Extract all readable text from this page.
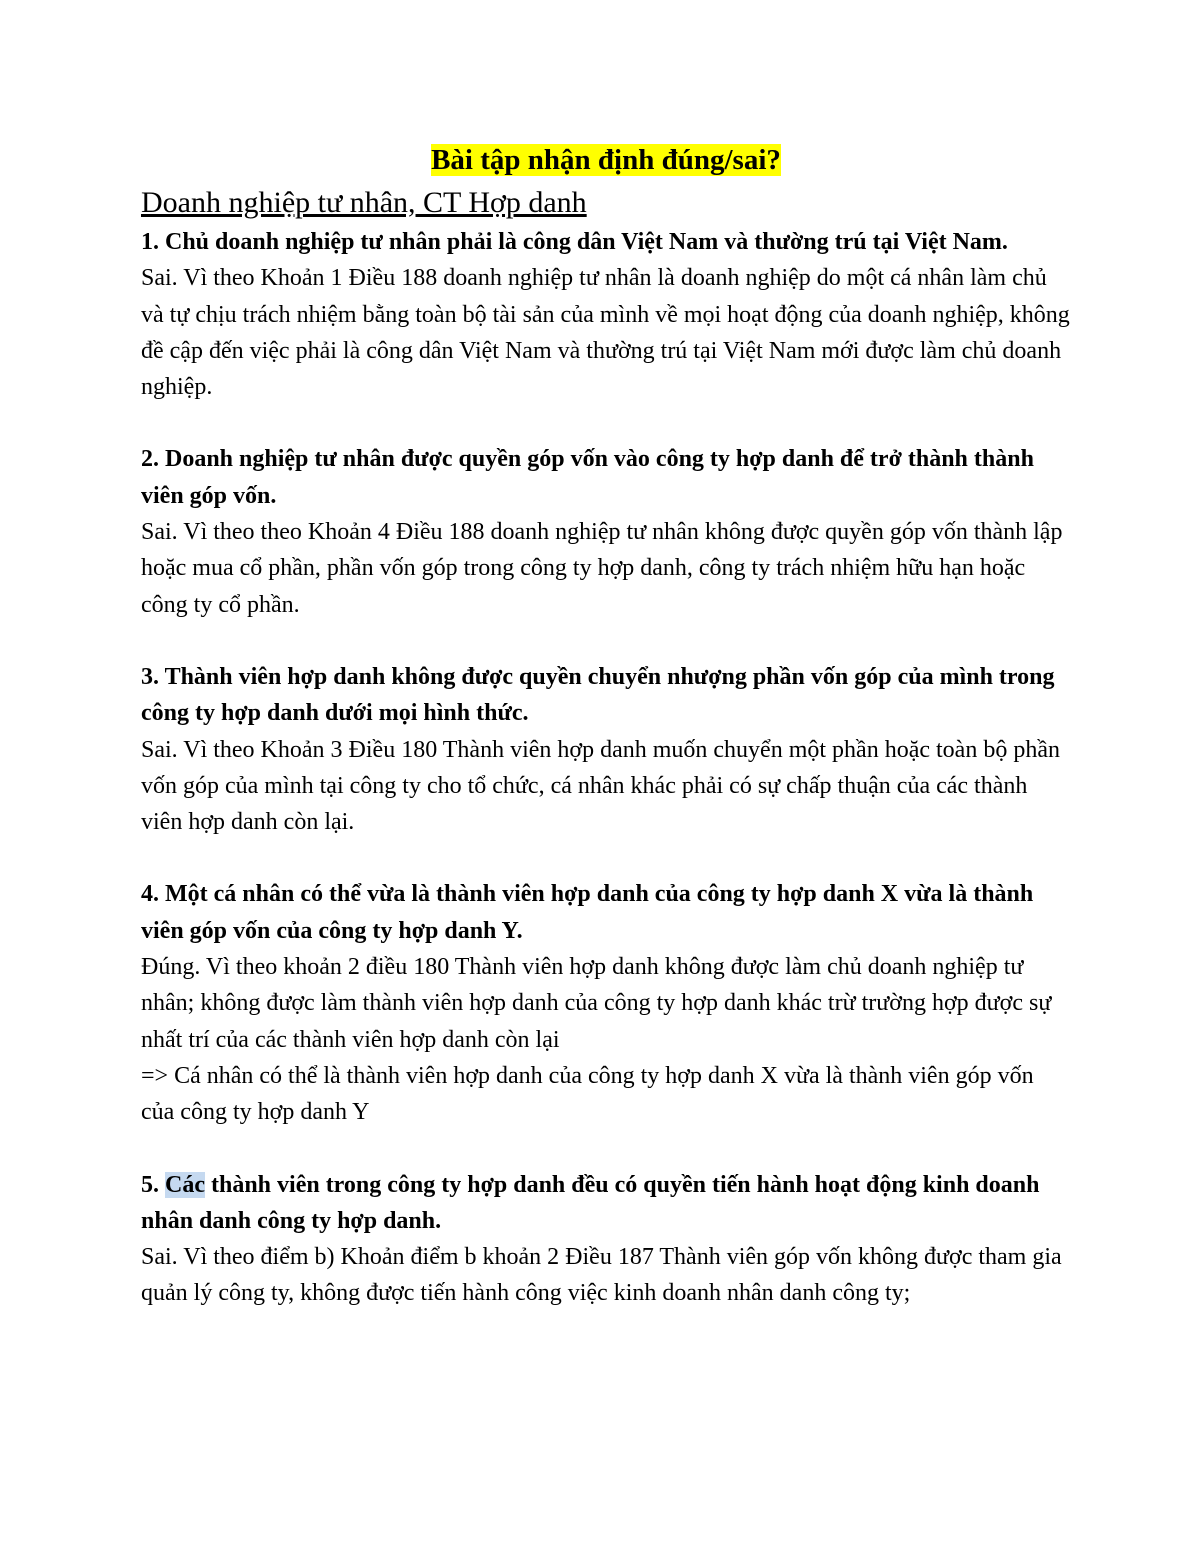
Bài tập nhận định đúng/sai?
Doanh nghiệp tư nhân, CT Hợp danh
1. Chủ doanh nghiệp tư nhân phải là công dân Việt Nam và thường trú tại Việt Nam.
Sai. Vì theo Khoản 1 Điều 188 doanh nghiệp tư nhân là doanh nghiệp do một cá nhân làm chủ và tự chịu trách nhiệm bằng toàn bộ tài sản của mình về mọi hoạt động của doanh nghiệp, không đề cập đến việc phải là công dân Việt Nam và thường trú tại Việt Nam mới được làm chủ doanh nghiệp.
2. Doanh nghiệp tư nhân được quyền góp vốn vào công ty hợp danh để trở thành thành viên góp vốn.
Sai. Vì theo theo Khoản 4 Điều 188 doanh nghiệp tư nhân không được quyền góp vốn thành lập hoặc mua cổ phần, phần vốn góp trong công ty hợp danh, công ty trách nhiệm hữu hạn hoặc công ty cổ phần.
3. Thành viên hợp danh không được quyền chuyển nhượng phần vốn góp của mình trong công ty hợp danh dưới mọi hình thức.
Sai. Vì theo Khoản 3 Điều 180 Thành viên hợp danh muốn chuyển một phần hoặc toàn bộ phần vốn góp của mình tại công ty cho tổ chức, cá nhân khác phải có sự chấp thuận của các thành viên hợp danh còn lại.
4. Một cá nhân có thể vừa là thành viên hợp danh của công ty hợp danh X vừa là thành viên góp vốn của công ty hợp danh Y.
Đúng. Vì theo khoản 2 điều 180 Thành viên hợp danh không được làm chủ doanh nghiệp tư nhân; không được làm thành viên hợp danh của công ty hợp danh khác trừ trường hợp được sự nhất trí của các thành viên hợp danh còn lại
=> Cá nhân có thể là thành viên hợp danh của công ty hợp danh X vừa là thành viên góp vốn của công ty hợp danh Y
5. Các thành viên trong công ty hợp danh đều có quyền tiến hành hoạt động kinh doanh nhân danh công ty hợp danh.
Sai. Vì theo điểm b) Khoản điểm b khoản 2 Điều 187 Thành viên góp vốn không được tham gia quản lý công ty, không được tiến hành công việc kinh doanh nhân danh công ty;
